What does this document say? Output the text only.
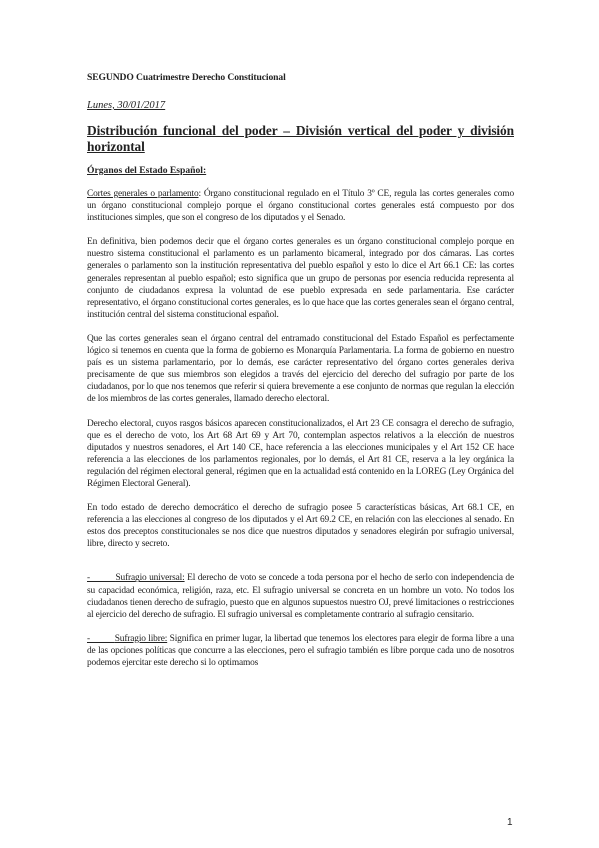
SEGUNDO Cuatrimestre Derecho Constitucional
Lunes, 30/01/2017
Distribución funcional del poder – División vertical del poder y división horizontal
Órganos del Estado Español:

Cortes generales o parlamento: Órgano constitucional regulado en el Título 3º CE, regula las cortes generales como un órgano constitucional complejo porque el órgano constitucional cortes generales está compuesto por dos instituciones simples, que son el congreso de los diputados y el Senado.

En definitiva, bien podemos decir que el órgano cortes generales es un órgano constitucional complejo porque en nuestro sistema constitucional el parlamento es un parlamento bicameral, integrado por dos cámaras. Las cortes generales o parlamento son la institución representativa del pueblo español y esto lo dice el Art 66.1 CE: las cortes generales representan al pueblo español; esto significa que un grupo de personas por esencia reducida representa al conjunto de ciudadanos expresa la voluntad de ese pueblo expresada en sede parlamentaria. Ese carácter representativo, el órgano constitucional cortes generales, es lo que hace que las cortes generales sean el órgano central, institución central del sistema constitucional español.

Que las cortes generales sean el órgano central del entramado constitucional del Estado Español es perfectamente lógico si tenemos en cuenta que la forma de gobierno es Monarquía Parlamentaria. La forma de gobierno en nuestro país es un sistema parlamentario, por lo demás, ese carácter representativo del órgano cortes generales deriva precisamente de que sus miembros son elegidos a través del ejercicio del derecho del sufragio por parte de los ciudadanos, por lo que nos tenemos que referir si quiera brevemente a ese conjunto de normas que regulan la elección de los miembros de las cortes generales, llamado derecho electoral.

Derecho electoral, cuyos rasgos básicos aparecen constitucionalizados, el Art 23 CE consagra el derecho de sufragio, que es el derecho de voto, los Art 68 Art 69 y Art 70, contemplan aspectos relativos a la elección de nuestros diputados y nuestros senadores, el Art 140 CE, hace referencia a las elecciones municipales y el Art 152 CE hace referencia a las elecciones de los parlamentos regionales, por lo demás, el Art 81 CE, reserva a la ley orgánica la regulación del régimen electoral general, régimen que en la actualidad está contenido en la LOREG (Ley Orgánica del Régimen Electoral General).

En todo estado de derecho democrático el derecho de sufragio posee 5 características básicas, Art 68.1 CE, en referencia a las elecciones al congreso de los diputados y el Art 69.2 CE, en relación con las elecciones al senado. En estos dos preceptos constitucionales se nos dice que nuestros diputados y senadores elegirán por sufragio universal, libre, directo y secreto.

-	Sufragio universal: El derecho de voto se concede a toda persona por el hecho de serlo con independencia de su capacidad económica, religión, raza, etc. El sufragio universal se concreta en un hombre un voto. No todos los ciudadanos tienen derecho de sufragio, puesto que en algunos supuestos nuestro OJ, prevé limitaciones o restricciones al ejercicio del derecho de sufragio. El sufragio universal es completamente contrario al sufragio censitario.

-	Sufragio libre: Significa en primer lugar, la libertad que tenemos los electores para elegir de forma libre a una de las opciones políticas que concurre a las elecciones, pero el sufragio también es libre porque cada uno de nosotros podemos ejercitar este derecho si lo optimamos

1
